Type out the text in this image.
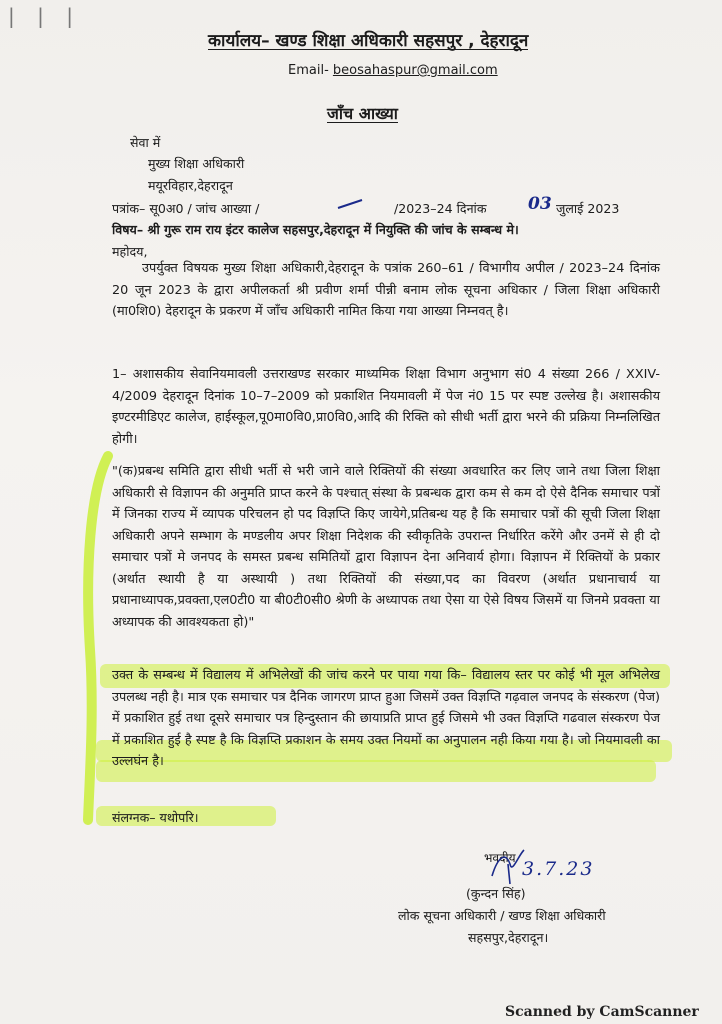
| | |
कार्यालय– खण्ड शिक्षा अधिकारी सहसपुर , देहरादून
Email- beosahaspur@gmail.com
जाँच आख्या
सेवा में
मुख्य शिक्षा अधिकारी
मयूरविहार,देहरादून
पत्रांक– सू0अ0 / जांच आख्या /	/2023–24 दिनांक 03 जुलाई 2023
विषय– श्री गुरू राम राय इंटर कालेज सहसपुर,देहरादून में नियुक्ति की जांच के सम्बन्ध मे।
महोदय,
उपर्युक्त विषयक मुख्य शिक्षा अधिकारी,देहरादून के पत्रांक 260–61 / विभागीय अपील / 2023–24 दिनांक 20 जून 2023 के द्वारा अपीलकर्ता श्री प्रवीण शर्मा पीन्नी बनाम लोक सूचना अधिकार / जिला शिक्षा अधिकारी (मा0शि0) देहरादून के प्रकरण में जाँच अधिकारी नामित किया गया आख्या निम्नवत् है।
1– अशासकीय सेवानियमावली उत्तराखण्ड सरकार माध्यमिक शिक्षा विभाग अनुभाग सं0 4 संख्या 266 / XXIV-4/2009 देहरादून दिनांक 10–7–2009 को प्रकाशित नियमावली में पेज नं0 15 पर स्पष्ट उल्लेख है। अशासकीय इण्टरमीडिएट कालेज, हाईस्कूल,पू0मा0वि0,प्रा0वि0,आदि की रिक्ति को सीधी भर्ती द्वारा भरने की प्रक्रिया निम्नलिखित होगी।
"(क)प्रबन्ध समिति द्वारा सीधी भर्ती से भरी जाने वाले रिक्तियों की संख्या अवधारित कर लिए जाने तथा जिला शिक्षा अधिकारी से विज्ञापन की अनुमति प्राप्त करने के पश्चात् संस्था के प्रबन्धक द्वारा कम से कम दो ऐसे दैनिक समाचार पत्रों में जिनका राज्य में व्यापक परिचलन हो पद विज्ञप्ति किए जायेगे,प्रतिबन्ध यह है कि समाचार पत्रों की सूची जिला शिक्षा अधिकारी अपने सम्भाग के मण्डलीय अपर शिक्षा निदेशक की स्वीकृतिके उपरान्त निर्धारित करेंगे और उनमें से ही दो समाचार पत्रों मे जनपद के समस्त प्रबन्ध समितियों द्वारा विज्ञापन देना अनिवार्य होगा। विज्ञापन में रिक्तियों के प्रकार (अर्थात स्थायी है या अस्थायी ) तथा रिक्तियों की संख्या,पद का विवरण (अर्थात प्रधानाचार्य या प्रधानाध्यापक,प्रवक्ता,एल0टी0 या बी0टी0सी0 श्रेणी के अध्यापक तथा ऐसा या ऐसे विषय जिसमें या जिनमे प्रवक्ता या अध्यापक की आवश्यकता हो)"
उक्त के सम्बन्ध में विद्यालय में अभिलेखों की जांच करने पर पाया गया कि– विद्यालय स्तर पर कोई भी मूल अभिलेख उपलब्ध नही है। मात्र एक समाचार पत्र दैनिक जागरण प्राप्त हुआ जिसमें उक्त विज्ञप्ति गढ़वाल जनपद के संस्करण (पेज) में प्रकाशित हुई तथा दूसरे समाचार पत्र हिन्दुस्तान की छायाप्रति प्राप्त हुई जिसमे भी उक्त विज्ञप्ति गढवाल संस्करण पेज में प्रकाशित हुई है स्पष्ट है कि विज्ञप्ति प्रकाशन के समय उक्त नियमों का अनुपालन नही किया गया है। जो नियमावली का उल्लघंन है।
संलग्नक– यथोपरि।
भवदीय 3.7.23
(कुन्दन सिंह)
लोक सूचना अधिकारी / खण्ड शिक्षा अधिकारी
सहसपुर,देहरादून।
Scanned by CamScanner
